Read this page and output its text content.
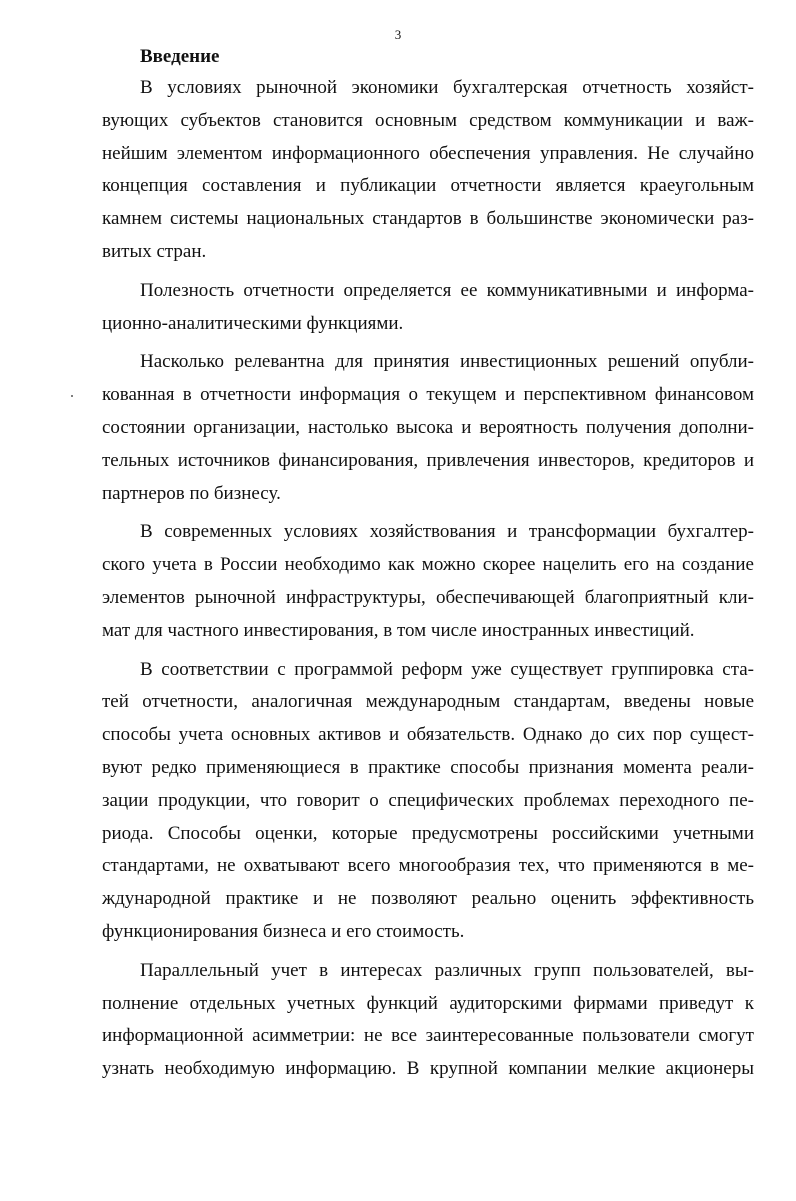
3
Введение
В условиях рыночной экономики бухгалтерская отчетность хозяйст-
вующих субъектов становится основным средством коммуникации и важ-
нейшим элементом информационного обеспечения управления. Не случайно
концепция составления и публикации отчетности является краеугольным
камнем системы национальных стандартов в большинстве экономически раз-
витых стран.
Полезность отчетности определяется ее коммуникативными и информа-
ционно-аналитическими функциями.
Насколько релевантна для принятия инвестиционных решений опубли-
кованная в отчетности информация о текущем и перспективном финансовом
состоянии организации, настолько высока и вероятность получения дополни-
тельных источников финансирования, привлечения инвесторов, кредиторов и
партнеров по бизнесу.
В современных условиях хозяйствования и трансформации бухгалтер-
ского учета в России необходимо как можно скорее нацелить его на создание
элементов рыночной инфраструктуры, обеспечивающей благоприятный кли-
мат для частного инвестирования, в том числе иностранных инвестиций.
В соответствии с программой реформ уже существует группировка ста-
тей отчетности, аналогичная международным стандартам, введены новые
способы учета основных активов и обязательств. Однако до сих пор сущест-
вуют редко применяющиеся в практике способы признания момента реали-
зации продукции, что говорит о специфических проблемах переходного пе-
риода. Способы оценки, которые предусмотрены российскими учетными
стандартами, не охватывают всего многообразия тех, что применяются в ме-
ждународной практике и не позволяют реально оценить эффективность
функционирования бизнеса и его стоимость.
Параллельный учет в интересах различных групп пользователей, вы-
полнение отдельных учетных функций аудиторскими фирмами приведут к
информационной асимметрии: не все заинтересованные пользователи смогут
узнать необходимую информацию. В крупной компании мелкие акционеры
